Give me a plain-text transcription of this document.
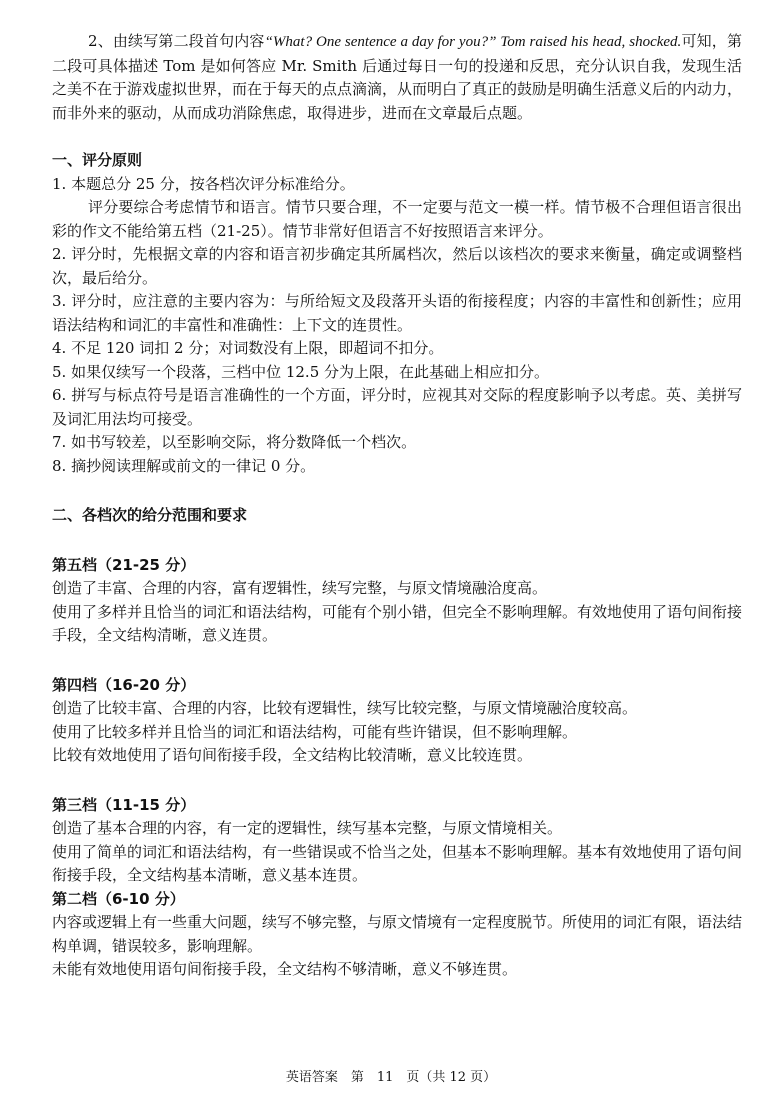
2、由续写第二段首句内容“What? One sentence a day for you?” Tom raised his head, shocked.可知，第二段可具体描述 Tom 是如何答应 Mr. Smith 后通过每日一句的投递和反思，充分认识自我，发现生活之美不在于游戏虚拟世界，而在于每天的点点滴滴，从而明白了真正的鼓励是明确生活意义后的内动力，而非外来的驱动，从而成功消除焦虑，取得进步，进而在文章最后点题。

一、评分原则

1. 本题总分 25 分，按各档次评分标准给分。

评分要综合考虑情节和语言。情节只要合理，不一定要与范文一模一样。情节极不合理但语言很出彩的作文不能给第五档（21-25）。情节非常好但语言不好按照语言来评分。

2. 评分时，先根据文章的内容和语言初步确定其所属档次，然后以该档次的要求来衡量，确定或调整档次，最后给分。

3. 评分时，应注意的主要内容为：与所给短文及段落开头语的衔接程度；内容的丰富性和创新性；应用语法结构和词汇的丰富性和准确性：上下文的连贯性。

4. 不足 120 词扣 2 分；对词数没有上限，即超词不扣分。

5. 如果仅续写一个段落，三档中位 12.5 分为上限，在此基础上相应扣分。

6. 拼写与标点符号是语言准确性的一个方面，评分时，应视其对交际的程度影响予以考虑。英、美拼写及词汇用法均可接受。

7. 如书写较差，以至影响交际，将分数降低一个档次。

8. 摘抄阅读理解或前文的一律记 0 分。

二、各档次的给分范围和要求

第五档（21-25 分）

创造了丰富、合理的内容，富有逻辑性，续写完整，与原文情境融洽度高。

使用了多样并且恰当的词汇和语法结构，可能有个别小错，但完全不影响理解。有效地使用了语句间衔接手段，全文结构清晰，意义连贯。

第四档（16-20 分）

创造了比较丰富、合理的内容，比较有逻辑性，续写比较完整，与原文情境融洽度较高。

使用了比较多样并且恰当的词汇和语法结构，可能有些许错误，但不影响理解。

比较有效地使用了语句间衔接手段，全文结构比较清晰，意义比较连贯。

第三档（11-15 分）

创造了基本合理的内容，有一定的逻辑性，续写基本完整，与原文情境相关。

使用了简单的词汇和语法结构，有一些错误或不恰当之处，但基本不影响理解。基本有效地使用了语句间衔接手段，全文结构基本清晰，意义基本连贯。

第二档（6-10 分）

内容或逻辑上有一些重大问题，续写不够完整，与原文情境有一定程度脱节。所使用的词汇有限，语法结构单调，错误较多，影响理解。

未能有效地使用语句间衔接手段，全文结构不够清晰，意义不够连贯。

英语答案　第　11　页（共 12 页）
